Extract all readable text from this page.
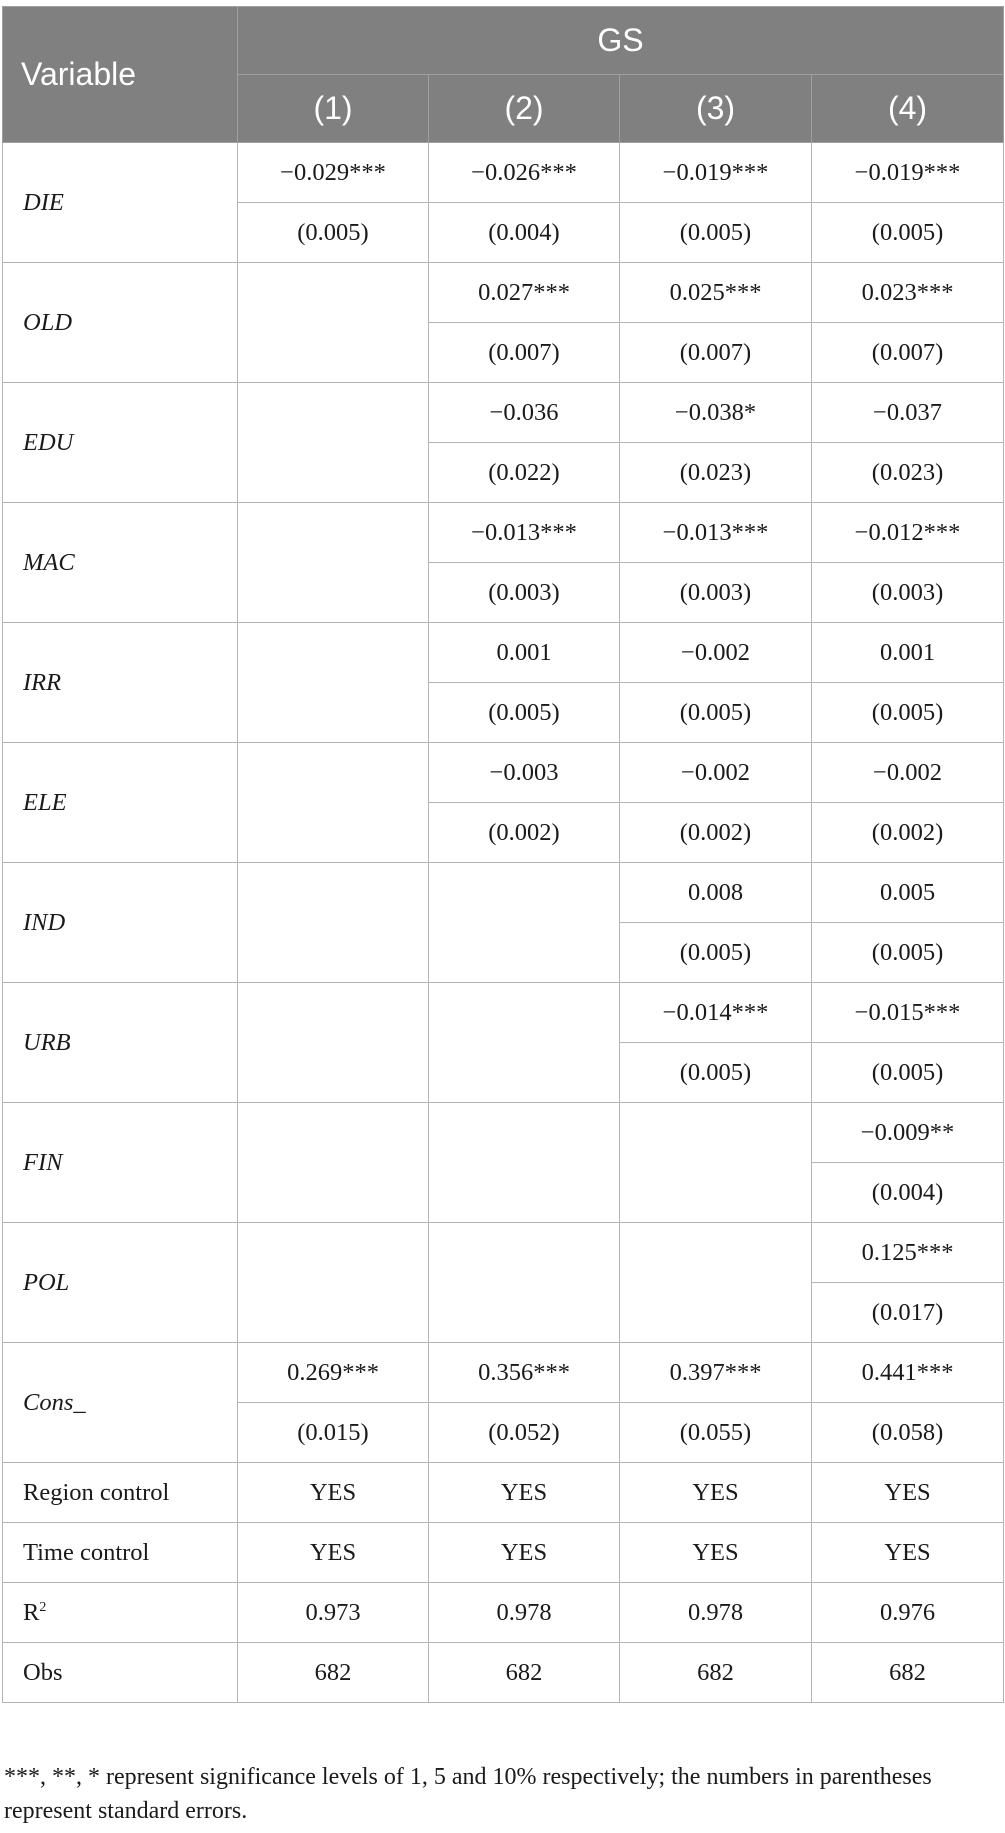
Variable	GS			
	(1)	(2)	(3)	(4)
DIE	−0.029***	−0.026***	−0.019***	−0.019***
	(0.005)	(0.004)	(0.005)	(0.005)
OLD		0.027***	0.025***	0.023***
		(0.007)	(0.007)	(0.007)
EDU		−0.036	−0.038*	−0.037
		(0.022)	(0.023)	(0.023)
MAC		−0.013***	−0.013***	−0.012***
		(0.003)	(0.003)	(0.003)
IRR		0.001	−0.002	0.001
		(0.005)	(0.005)	(0.005)
ELE		−0.003	−0.002	−0.002
		(0.002)	(0.002)	(0.002)
IND			0.008	0.005
			(0.005)	(0.005)
URB			−0.014***	−0.015***
			(0.005)	(0.005)
FIN				−0.009**
				(0.004)
POL				0.125***
				(0.017)
Cons_	0.269***	0.356***	0.397***	0.441***
	(0.015)	(0.052)	(0.055)	(0.058)
Region control	YES	YES	YES	YES
Time control	YES	YES	YES	YES
$R^2$	0.973	0.978	0.978	0.976
Obs	682	682	682	682
***, **, * represent significance levels of 1, 5 and 10% respectively; the numbers in parentheses represent standard errors.
